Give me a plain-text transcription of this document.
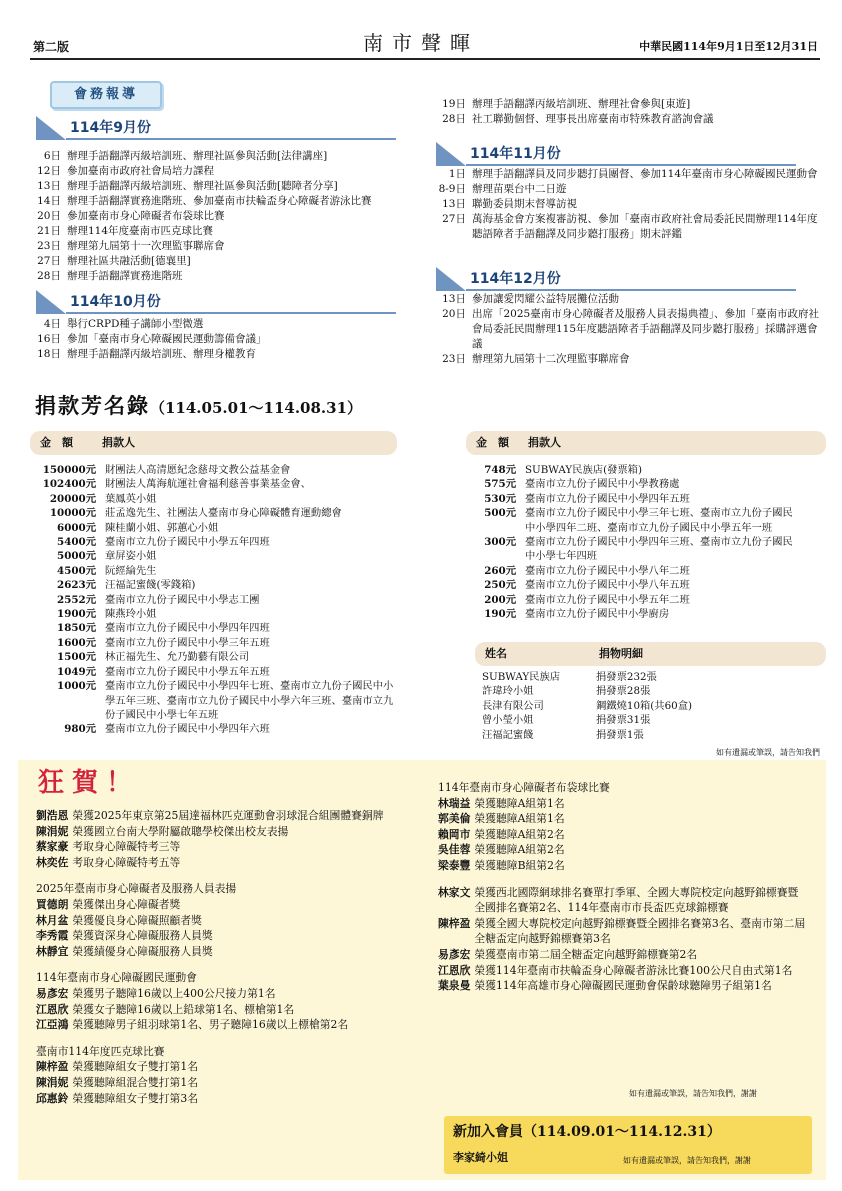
第二版	南市聲暉	中華民國114年9月1日至12月31日
會務報導
114年9月份
6日 辦理手語翻譯丙級培訓班、辦理社區參與活動[法律講座]
12日 參加臺南市政府社會局培力課程
13日 辦理手語翻譯丙級培訓班、辦理社區參與活動[聽障者分享]
14日 辦理手語翻譯實務進階班、參加臺南市扶輪盃身心障礙者游泳比賽
20日 參加臺南市身心障礙者布袋球比賽
21日 辦理114年度臺南市匹克球比賽
23日 辦理第九屆第十一次理監事聯席會
27日 辦理社區共融活動[德襄里]
28日 辦理手語翻譯實務進階班
114年10月份
4日 舉行CRPD種子講師小型微選
16日 參加「臺南市身心障礙國民運動籌備會議」
18日 辦理手語翻譯丙級培訓班、辦理身權教育
19日 辦理手語翻譯丙級培訓班、辦理社會參與[東遊]
28日 社工聯勤個督、理事長出席臺南市特殊教育諮詢會議
114年11月份
1日 辦理手語翻譯員及同步聽打員團督、參加114年臺南市身心障礙國民運動會
8-9日 辦理苗栗台中二日遊
13日 聯勤委員期末督導訪視
27日 萬海基金會方案複審訪視、參加「臺南市政府社會局委託民間辦理114年度聽語障者手語翻譯及同步聽打服務」期末評鑑
114年12月份
13日 參加讓愛閃耀公益特展攤位活動
20日 出席「2025臺南市身心障礙者及服務人員表揚典禮」、參加「臺南市政府社會局委託民間辦理115年度聽語障者手語翻譯及同步聽打服務」採購評選會議
23日 辦理第九屆第十二次理監事聯席會
捐款芳名錄（114.05.01～114.08.31）
金　額	捐款人	金　額 捐款人
150000元 財團法人高清愿紀念慈母文教公益基金會
102400元 財團法人萬海航運社會福利慈善事業基金會、
20000元 葉鳳英小姐
10000元 莊孟逸先生、社團法人臺南市身心障礙體育運動總會
6000元 陳桂蘭小姐、郭蕙心小姐
5400元 臺南市立九份子國民中小學五年四班
5000元 章屏姿小姐
4500元 阮經綸先生
2623元 汪福記蜜餞(零錢箱)
2552元 臺南市立九份子國民中小學志工團
1900元 陳燕玲小姐
1850元 臺南市立九份子國民中小學四年四班
1600元 臺南市立九份子國民中小學三年五班
1500元 林正福先生、允乃勤藝有限公司
1049元 臺南市立九份子國民中小學五年五班
1000元 臺南市立九份子國民中小學四年七班、臺南市立九份子國民中小學五年三班、臺南市立九份子國民中小學六年三班、臺南市立九份子國民中小學七年五班
980元 臺南市立九份子國民中小學四年六班
748元 SUBWAY民族店(發票箱)
575元 臺南市立九份子國民中小學教務處
530元 臺南市立九份子國民中小學四年五班
500元 臺南市立九份子國民中小學三年七班、臺南市立九份子國民中小學四年二班、臺南市立九份子國民中小學五年一班
300元 臺南市立九份子國民中小學四年三班、臺南市立九份子國民中小學七年四班
260元 臺南市立九份子國民中小學八年二班
250元 臺南市立九份子國民中小學八年五班
200元 臺南市立九份子國民中小學五年二班
190元 臺南市立九份子國民中小學廚房
姓名	捐物明細
SUBWAY民族店	捐發票232張
許瑋玲小姐	捐發票28張
長津有限公司	鋼鐵燒10箱(共60盒)
曾小瑩小姐	捐發票31張
汪福記蜜餞	捐發票1張
如有遺漏或筆誤，請告知我們
狂賀！
劉浩恩 榮獲2025年東京第25屆達福林匹克運動會羽球混合組團體賽銅牌
陳涓妮 榮獲國立台南大學附屬啟聰學校傑出校友表揚
蔡家豪 考取身心障礙特考三等
林奕佐 考取身心障礙特考五等
2025年臺南市身心障礙者及服務人員表揚
買德朗 榮獲傑出身心障礙者獎
林月盆 榮獲優良身心障礙照顧者獎
李秀霞 榮獲資深身心障礙服務人員獎
林靜宜 榮獲績優身心障礙服務人員獎
114年臺南市身心障礙國民運動會
易彥宏 榮獲男子聽障16歲以上400公尺接力第1名
江恩欣 榮獲女子聽障16歲以上鉛球第1名、標槍第1名
江亞鴻 榮獲聽障男子組羽球第1名、男子聽障16歲以上標槍第2名
臺南市114年度匹克球比賽
陳梓盈 榮獲聽障組女子雙打第1名
陳涓妮 榮獲聽障組混合雙打第1名
邱惠鈴 榮獲聽障組女子雙打第3名
114年臺南市身心障礙者布袋球比賽
林瑞益 榮獲聽障A組第1名
郭美倫 榮獲聽障A組第1名
賴岡市 榮獲聽障A組第2名
吳佳蓉 榮獲聽障A組第2名
梁泰豐 榮獲聽障B組第2名
林家文 榮獲西北國際網球排名賽單打季軍、全國大專院校定向越野錦標賽暨全國排名賽第2名、114年臺南市市長盃匹克球錦標賽
陳梓盈 榮獲全國大專院校定向越野錦標賽暨全國排名賽第3名、臺南市第二屆全糖盃定向越野錦標賽第3名
易彥宏 榮獲臺南市第二屆全糖盃定向越野錦標賽第2名
江恩欣 榮獲114年臺南市扶輪盃身心障礙者游泳比賽100公尺自由式第1名
葉泉曼 榮獲114年高雄市身心障礙國民運動會保齡球聽障男子組第1名
如有遺漏或筆誤，請告知我們，謝謝
新加入會員（114.09.01～114.12.31）
李家綺小姐	如有遺漏或筆誤，請告知我們，謝謝
